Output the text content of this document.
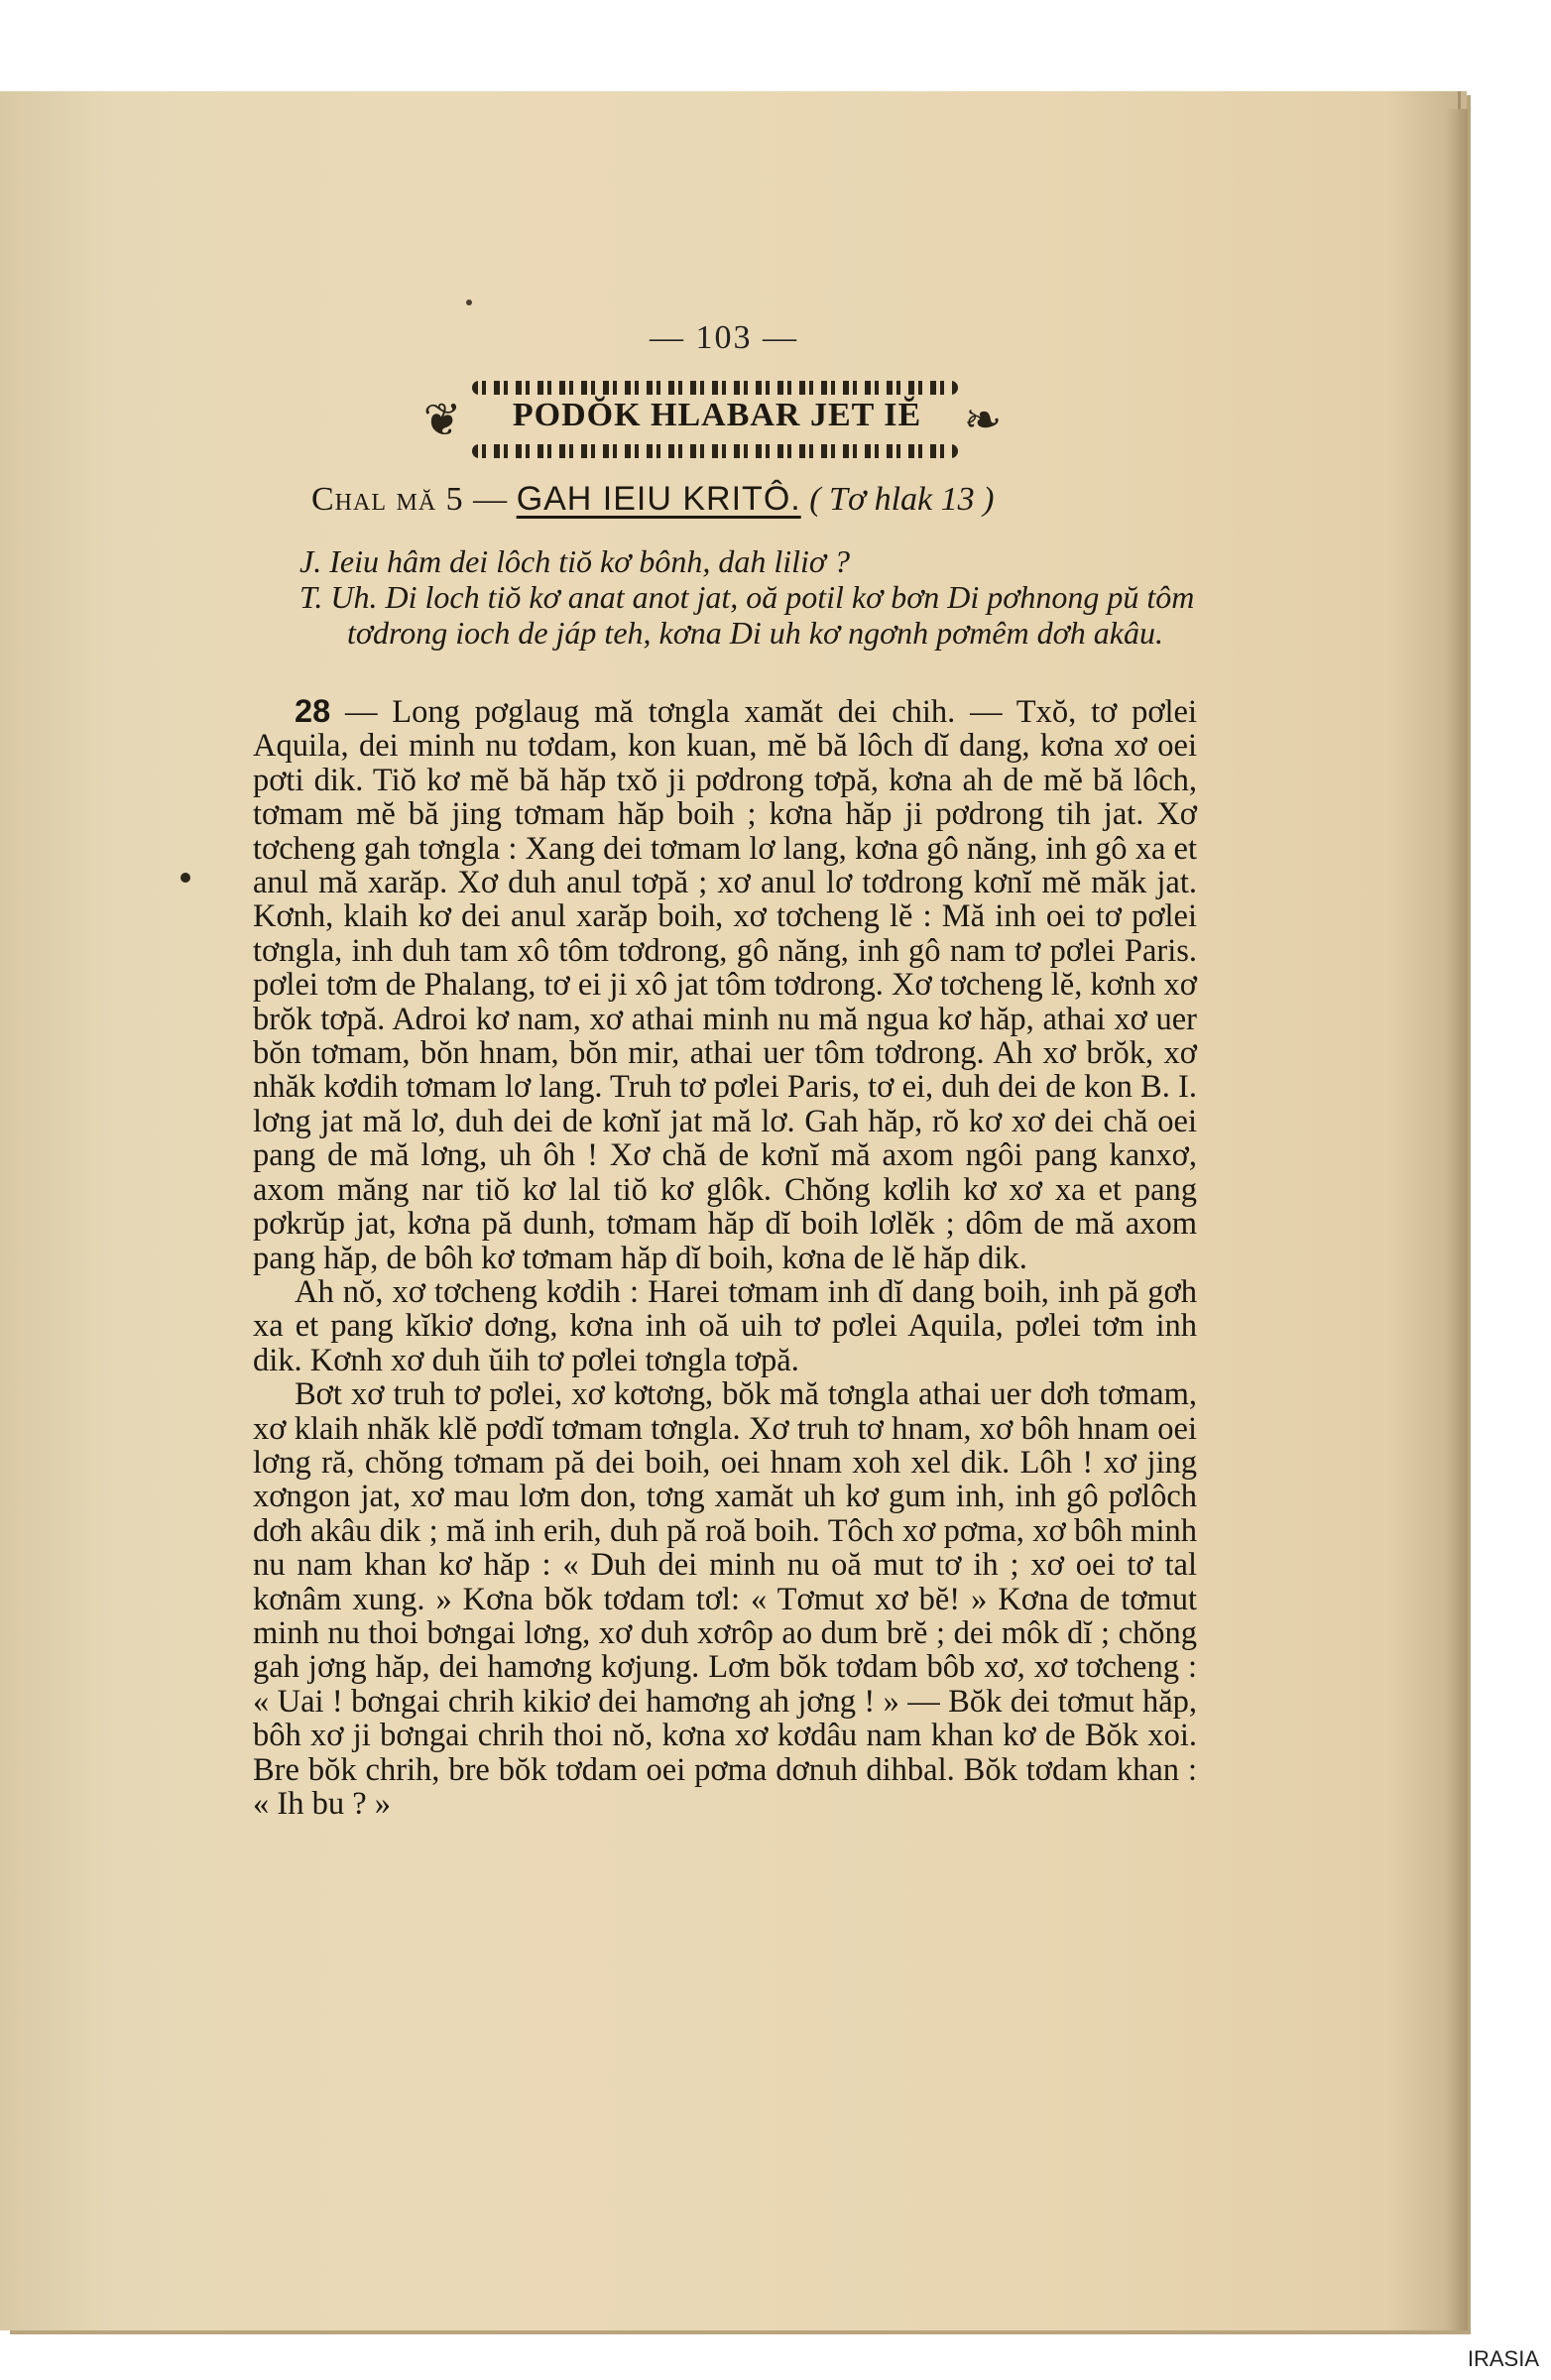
— 103 —
❦	PODŎK HLABAR JET IĔ ❧
Chal mă 5 — GAH IEIU KRITÔ. ( Tơ hlak 13 )

J. Ieiu hâm dei lôch tiŏ kơ bônh, dah liliơ ?

T. Uh. Di loch tiŏ kơ anat anot jat, oă potil kơ bơn Di pơhnong pŭ tôm tơdrong ioch de jáp teh, kơna Di uh kơ ngơnh pơmêm dơh akâu.

28 — Long pơglaug mă tơngla xamăt dei chih. — Txŏ, tơ pơlei Aquila, dei minh nu tơdam, kon kuan, mĕ bă lôch dĭ dang, kơna xơ oei pơti dik. Tiŏ kơ mĕ bă hăp txŏ ji pơdrong tơpă, kơna ah de mĕ bă lôch, tơmam mĕ bă jing tơmam hăp boih ; kơna hăp ji pơdrong tih jat. Xơ tơcheng gah tơngla : Xang dei tơmam lơ lang, kơna gô năng, inh gô xa et anul mă xarăp. Xơ duh anul tơpă ; xơ anul lơ tơdrong kơnĭ mĕ măk jat. Kơnh, klaih kơ dei anul xarăp boih, xơ tơcheng lĕ : Mă inh oei tơ pơlei tơngla, inh duh tam xô tôm tơdrong, gô năng, inh gô nam tơ pơlei Paris. pơlei tơm de Phalang, tơ ei ji xô jat tôm tơdrong. Xơ tơcheng lĕ, kơnh xơ brŏk tơpă. Adroi kơ nam, xơ athai minh nu mă ngua kơ hăp, athai xơ uer bŏn tơmam, bŏn hnam, bŏn mir, athai uer tôm tơdrong. Ah xơ brŏk, xơ nhăk kơdih tơmam lơ lang. Truh tơ pơlei Paris, tơ ei, duh dei de kon B. I. lơng jat mă lơ, duh dei de kơnĭ jat mă lơ. Gah hăp, rŏ kơ xơ dei chă oei pang de mă lơng, uh ôh ! Xơ chă de kơnĭ mă axom ngôi pang kanxơ, axom măng nar tiŏ kơ lal tiŏ kơ glôk. Chŏng kơlih kơ xơ xa et pang pơkrŭp jat, kơna pă dunh, tơmam hăp dĭ boih lơlĕk ; dôm de mă axom pang hăp, de bôh kơ tơmam hăp dĭ boih, kơna de lĕ hăp dik.

Ah nŏ, xơ tơcheng kơdih : Harei tơmam inh dĭ dang boih, inh pă gơh xa et pang kĭkiơ dơng, kơna inh oă uih tơ pơlei Aquila, pơlei tơm inh dik. Kơnh xơ duh ŭih tơ pơlei tơngla tơpă.

Bơt xơ truh tơ pơlei, xơ kơtơng, bŏk mă tơngla athai uer dơh tơmam, xơ klaih nhăk klĕ pơdĭ tơmam tơngla. Xơ truh tơ hnam, xơ bôh hnam oei lơng ră, chŏng tơmam pă dei boih, oei hnam xoh xel dik. Lôh ! xơ jing xơngon jat, xơ mau lơm don, tơng xamăt uh kơ gum inh, inh gô pơlôch dơh akâu dik ; mă inh erih, duh pă roă boih. Tôch xơ pơma, xơ bôh minh nu nam khan kơ hăp : « Duh dei minh nu oă mut tơ ih ; xơ oei tơ tal kơnâm xung. » Kơna bŏk tơdam tơl: « Tơmut xơ bĕ! » Kơna de tơmut minh nu thoi bơngai lơng, xơ duh xơrôp ao dum brĕ ; dei môk dĭ ; chŏng gah jơng hăp, dei hamơng kơjung. Lơm bŏk tơdam bôb xơ, xơ tơcheng : « Uai ! bơngai chrih kikiơ dei hamơng ah jơng ! » — Bŏk dei tơmut hăp, bôh xơ ji bơngai chrih thoi nŏ, kơna xơ kơdâu nam khan kơ de Bŏk xoi. Bre bŏk chrih, bre bŏk tơdam oei pơma dơnuh dihbal. Bŏk tơdam khan : « Ih bu ? »

IRASIA
